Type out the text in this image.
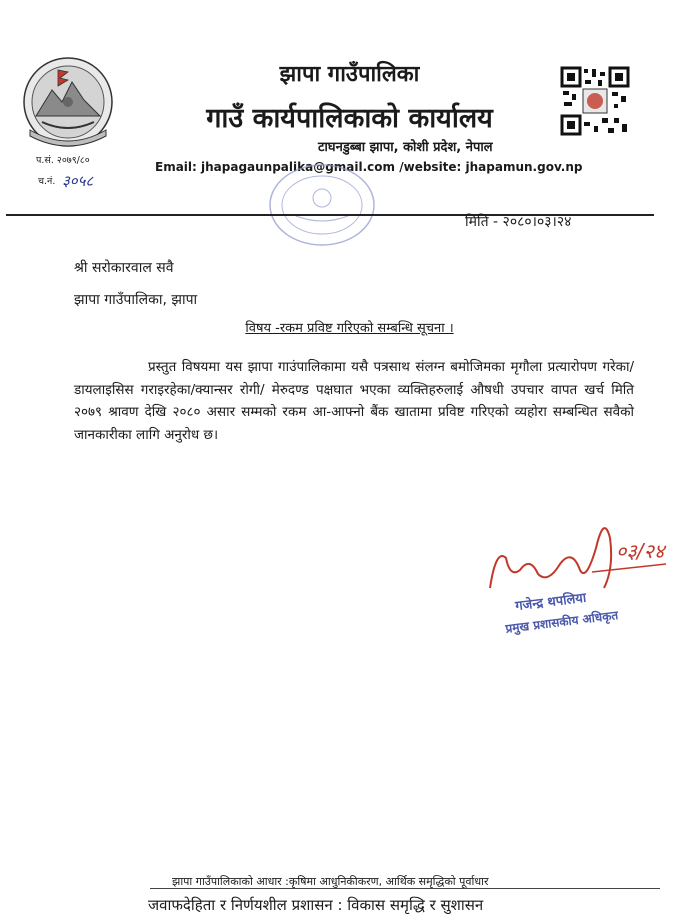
झापा गाउँपालिका
गाउँ कार्यपालिकाको कार्यालय
टाघनडुब्बा झापा, कोशी प्रदेश, नेपाल
Email: jhapagaunpalika@gmail.com /website: jhapamun.gov.np
प.सं. २०७९/८०
च.नं. ३०५८
मिति - २०८०।०३।२४
श्री सरोकारवाल सवै
झापा गाउँपालिका, झापा
विषय -रकम प्रविष्ट गरिएको सम्बन्धि सूचना ।
प्रस्तुत विषयमा यस झापा गाउंपालिकामा यसै पत्रसाथ संलग्न बमोजिमका मृगौला प्रत्यारोपण गरेका/डायलाइसिस गराइरहेका/क्यान्सर रोगी/ मेरुदण्ड पक्षघात भएका व्यक्तिहरुलाई औषधी उपचार वापत खर्च मिति २०७९ श्रावण देखि २०८० असार सम्मको रकम आ-आफ्नो बैंक खातामा प्रविष्ट गरिएको व्यहोरा सम्बन्धित सवैको जानकारीका लागि अनुरोध छ।
०३/२४
गजेन्द्र थपलिया
प्रमुख प्रशासकीय अधिकृत
झापा गाउँपालिकाको आधार :कृषिमा आधुनिकीकरण, आर्थिक समृद्धिको पूर्वाधार
जवाफदेहिता र निर्णयशील प्रशासन : विकास समृद्धि र सुशासन
